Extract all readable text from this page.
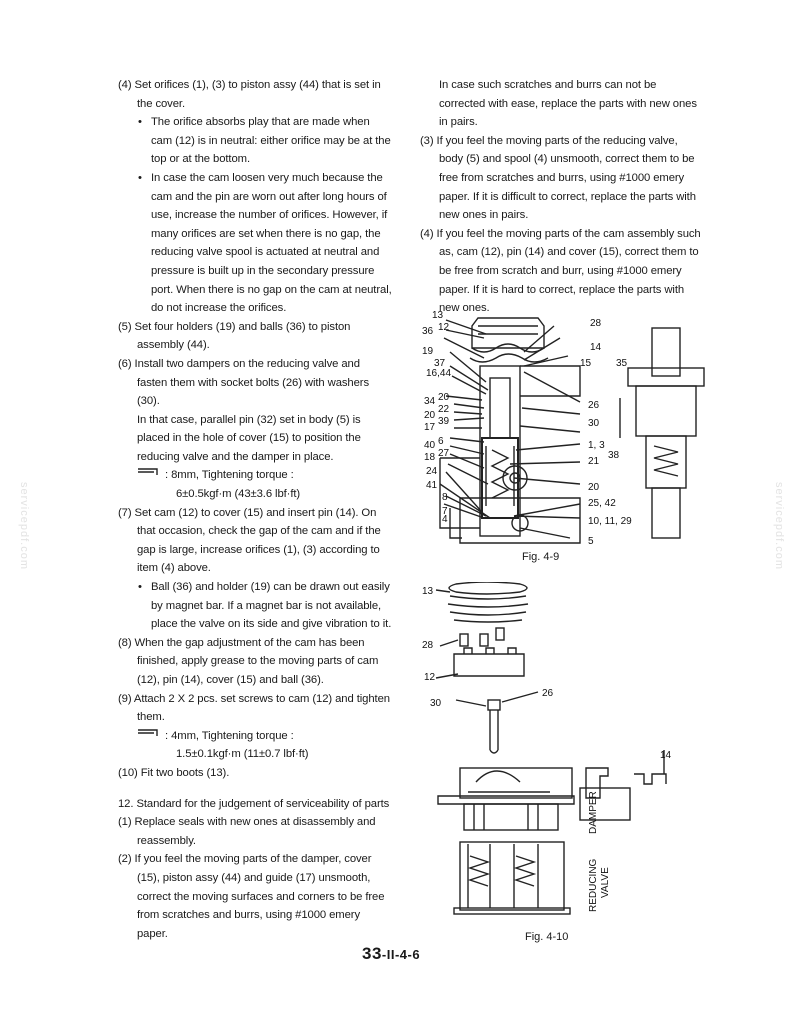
(4) Set orifices (1), (3) to piston assy (44) that is set in the cover.

• The orifice absorbs play that are made when cam (12) is in neutral: either orifice may be at the top or at the bottom.

• In case the cam loosen very much because the cam and the pin are worn out after long hours of use, increase the number of orifices. However, if many orifices are set when there is no gap, the reducing valve spool is actuated at neutral and pressure is built up in the secondary pressure port. When there is no gap on the cam at neutral, do not increase the orifices.

(5) Set four holders (19) and balls (36) to piston assembly (44).

(6) Install two dampers on the reducing valve and fasten them with socket bolts (26) with washers (30).

In that case, parallel pin (32) set in body (5) is placed in the hole of cover (15) to position the reducing valve and the damper in place.

: 8mm, Tightening torque :

6±0.5kgf·m (43±3.6 lbf·ft)

(7) Set cam (12) to cover (15) and insert pin (14). On that occasion, check the gap of the cam and if the gap is large, increase orifices (1), (3) according to item (4) above.

• Ball (36) and holder (19) can be drawn out easily by magnet bar. If a magnet bar is not available, place the valve on its side and give vibration to it.

(8) When the gap adjustment of the cam has been finished, apply grease to the moving parts of cam (12), pin (14), cover (15) and ball (36).

(9) Attach 2 X 2 pcs. set screws to cam (12) and tighten them.

: 4mm, Tightening torque :

1.5±0.1kgf·m (11±0.7 lbf·ft)

(10) Fit two boots (13).

12. Standard for the judgement of serviceability of parts

(1) Replace seals with new ones at disassembly and reassembly.

(2) If you feel the moving parts of the damper, cover (15), piston assy (44) and guide (17) unsmooth, correct the moving surfaces and corners to be free from scratches and burrs, using #1000 emery paper.

In case such scratches and burrs can not be corrected with ease, replace the parts with new ones in pairs.

(3) If you feel the moving parts of the reducing valve, body (5) and spool (4) unsmooth, correct them to be free from scratches and burrs, using #1000 emery paper. If it is difficult to correct, replace the parts with new ones in pairs.

(4) If you feel the moving parts of the cam assembly such as, cam (12), pin (14) and cover (15), correct them to be free from scratch and burr, using #1000 emery paper. If it is hard to correct, replace the parts with new ones.

13
36 12	28
19	14
37	15 35
16,44
34 20
26
20
22
17
39	30
40 6	1, 3
18 27
21
38
24
41	20
8
25, 42
7
4	10, 11, 29
5
Fig. 4-9
13
28
12
26
30
14
DAMPER
REDUCING VALVE
Fig. 4-10
33-II-4-6
servicepdf.com	servicepdf.com
